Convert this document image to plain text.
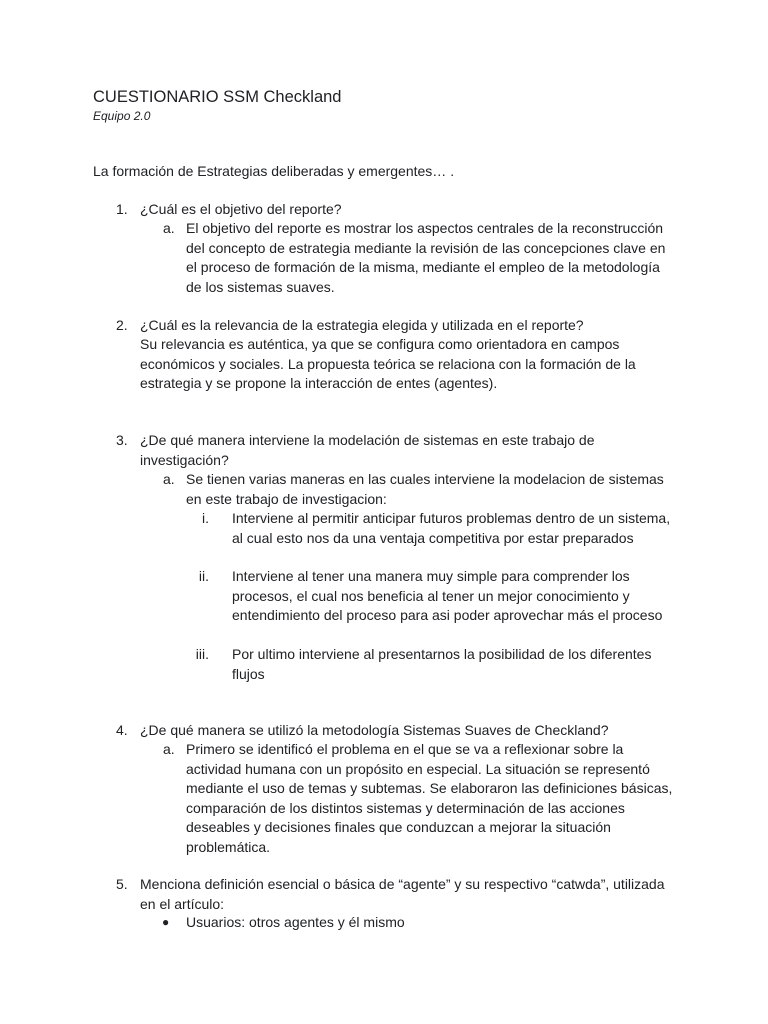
CUESTIONARIO SSM Checkland
Equipo 2.0
La formación de Estrategias deliberadas y emergentes… .
1. ¿Cuál es el objetivo del reporte?
a. El objetivo del reporte es mostrar los aspectos centrales de la reconstrucción del concepto de estrategia mediante la revisión de las concepciones clave en el proceso de formación de la misma, mediante el empleo de la metodología de los sistemas suaves.
2. ¿Cuál es la relevancia de la estrategia elegida y utilizada en el reporte?
Su relevancia es auténtica, ya que se configura como orientadora en campos económicos y sociales. La propuesta teórica se relaciona con la formación de la estrategia y se propone la interacción de entes (agentes).
3. ¿De qué manera interviene la modelación de sistemas en este trabajo de investigación?
a. Se tienen varias maneras en las cuales interviene la modelacion de sistemas en este trabajo de investigacion:
i. Interviene al permitir anticipar futuros problemas dentro de un sistema, al cual esto nos da una ventaja competitiva por estar preparados
ii. Interviene al tener una manera muy simple para comprender los procesos, el cual nos beneficia al tener un mejor conocimiento y entendimiento del proceso para asi poder aprovechar más el proceso
iii. Por ultimo interviene al presentarnos la posibilidad de los diferentes flujos
4. ¿De qué manera se utilizó la metodología Sistemas Suaves de Checkland?
a. Primero se identificó el problema en el que se va a reflexionar sobre la actividad humana con un propósito en especial. La situación se representó mediante el uso de temas y subtemas. Se elaboraron las definiciones básicas, comparación de los distintos sistemas y determinación de las acciones deseables y decisiones finales que conduzcan a mejorar la situación problemática.
5. Menciona definición esencial o básica de “agente” y su respectivo “catwda”, utilizada en el artículo:
● Usuarios: otros agentes y él mismo
